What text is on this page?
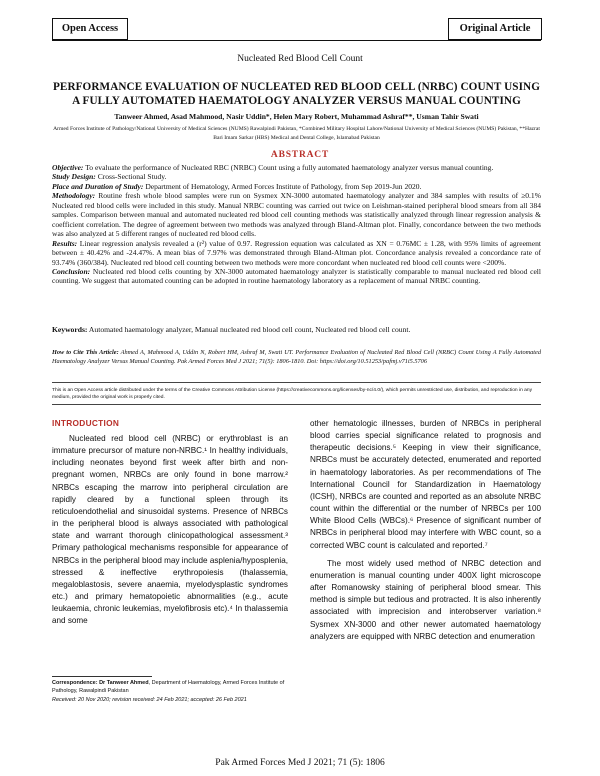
Open Access	Original Article
Nucleated Red Blood Cell Count
PERFORMANCE EVALUATION OF NUCLEATED RED BLOOD CELL (NRBC) COUNT USING A FULLY AUTOMATED HAEMATOLOGY ANALYZER VERSUS MANUAL COUNTING
Tanweer Ahmed, Asad Mahmood, Nasir Uddin*, Helen Mary Robert, Muhammad Ashraf**, Usman Tahir Swati
Armed Forces Institute of Pathology/National University of Medical Sciences (NUMS) Rawalpindi Pakistan, *Combined Military Hospital Lahore/National University of Medical Sciences (NUMS) Pakistan, **Hazrat Bari Imam Sarkar (HBS) Medical and Dental College, Islamabad Pakistan
ABSTRACT

Objective: To evaluate the performance of Nucleated RBC (NRBC) Count using a fully automated haematology analyzer versus manual counting.

Study Design: Cross-Sectional Study.

Place and Duration of Study: Department of Hematology, Armed Forces Institute of Pathology, from Sep 2019-Jun 2020.

Methodology: Routine fresh whole blood samples were run on Sysmex XN-3000 automated haematology analyzer and 384 samples with results of ≥0.1% Nucleated red blood cells were included in this study. Manual NRBC counting was carried out twice on Leishman-stained peripheral blood smears from all 384 samples. Comparison between manual and automated nucleated red blood cell counting methods was statistically analyzed through linear regression analysis & coefficient correlation. The degree of agreement between two methods was analyzed through Bland-Altman plot. Finally, concordance between the two methods was also analyzed at 5 different ranges of nucleated red blood cells.

Results: Linear regression analysis revealed a (r²) value of 0.97. Regression equation was calculated as XN = 0.76MC ± 1.28, with 95% limits of agreement between ± 40.42% and -24.47%. A mean bias of 7.97% was demonstrated through Bland-Altman plot. Concordance analysis revealed a concordance rate of 93.74% (360/384). Nucleated red blood cell counting between two methods were more concordant when nucleated red blood cell counts were <200%.

Conclusion: Nucleated red blood cells counting by XN-3000 automated haematology analyzer is statistically comparable to manual nucleated red blood cell counting. We suggest that automated counting can be adopted in routine haematology laboratory as a replacement of manual NRBC counting.

Keywords: Automated haematology analyzer, Manual nucleated red blood cell count, Nucleated red blood cell count.
How to Cite This Article: Ahmed A, Mahmood A, Uddin N, Robert HM, Ashraf M, Swati UT. Performance Evaluation of Nucleated Red Blood Cell (NRBC) Count Using A Fully Automated Haematology Analyzer Versus Manual Counting. Pak Armed Forces Med J 2021; 71(5): 1806-1810. Doi: https://doi.org/10.51253/pafmj.v71i5.5706
This is an Open Access article distributed under the terms of the Creative Commons Attribution License (https://creativecommons.org/licenses/by-nc/4.0/), which permits unrestricted use, distribution, and reproduction in any medium, provided the original work is properly cited.
INTRODUCTION

Nucleated red blood cell (NRBC) or erythroblast is an immature precursor of mature non-NRBC.¹ In healthy individuals, including neonates beyond first week after birth and non-pregnant women, NRBCs are only found in bone marrow.² NRBCs escaping the marrow into peripheral circulation are rapidly cleared by a functional spleen through its reticuloendothelial and sinusoidal systems. Presence of NRBCs in the peripheral blood is always associated with pathological state and warrant thorough clinicopathological assessment.³ Primary pathological mechanisms responsible for appearance of NRBCs in the peripheral blood may include asplenia/hyposplenia, stressed & ineffective erythropoiesis (thalassemia, megaloblastosis, severe anaemia, myelodysplastic syndromes etc.) and primary hematopoietic abnormalities (e.g., acute leukaemia, chronic leukemias, myelofibrosis etc).⁴ In thalassemia and some

other hematologic illnesses, burden of NRBCs in peripheral blood carries special significance related to prognosis and therapeutic decisions.⁵ Keeping in view their significance, NRBCs must be accurately detected, enumerated and reported in haematology laboratories. As per recommendations of The International Council for Standardization in Haematology (ICSH), NRBCs are counted and reported as an absolute NRBC count within the differential or the number of NRBCs per 100 White Blood Cells (WBCs).⁶ Presence of significant number of NRBCs in peripheral blood may interfere with WBC count, so a corrected WBC count is calculated and reported.⁷

The most widely used method of NRBC detection and enumeration is manual counting under 400X light microscope after Romanowsky staining of peripheral blood smear. This method is simple but tedious and protracted. It is also inherently associated with imprecision and interobserver variation.⁸ Sysmex XN-3000 and other newer automated haematology analyzers are equipped with NRBC detection and enumeration

Correspondence: Dr Tanweer Ahmed, Department of Haematology, Armed Forces Institute of Pathology, Rawalpindi Pakistan
Received: 20 Nov 2020; revision received: 24 Feb 2021; accepted: 26 Feb 2021
Pak Armed Forces Med J 2021; 71 (5): 1806
